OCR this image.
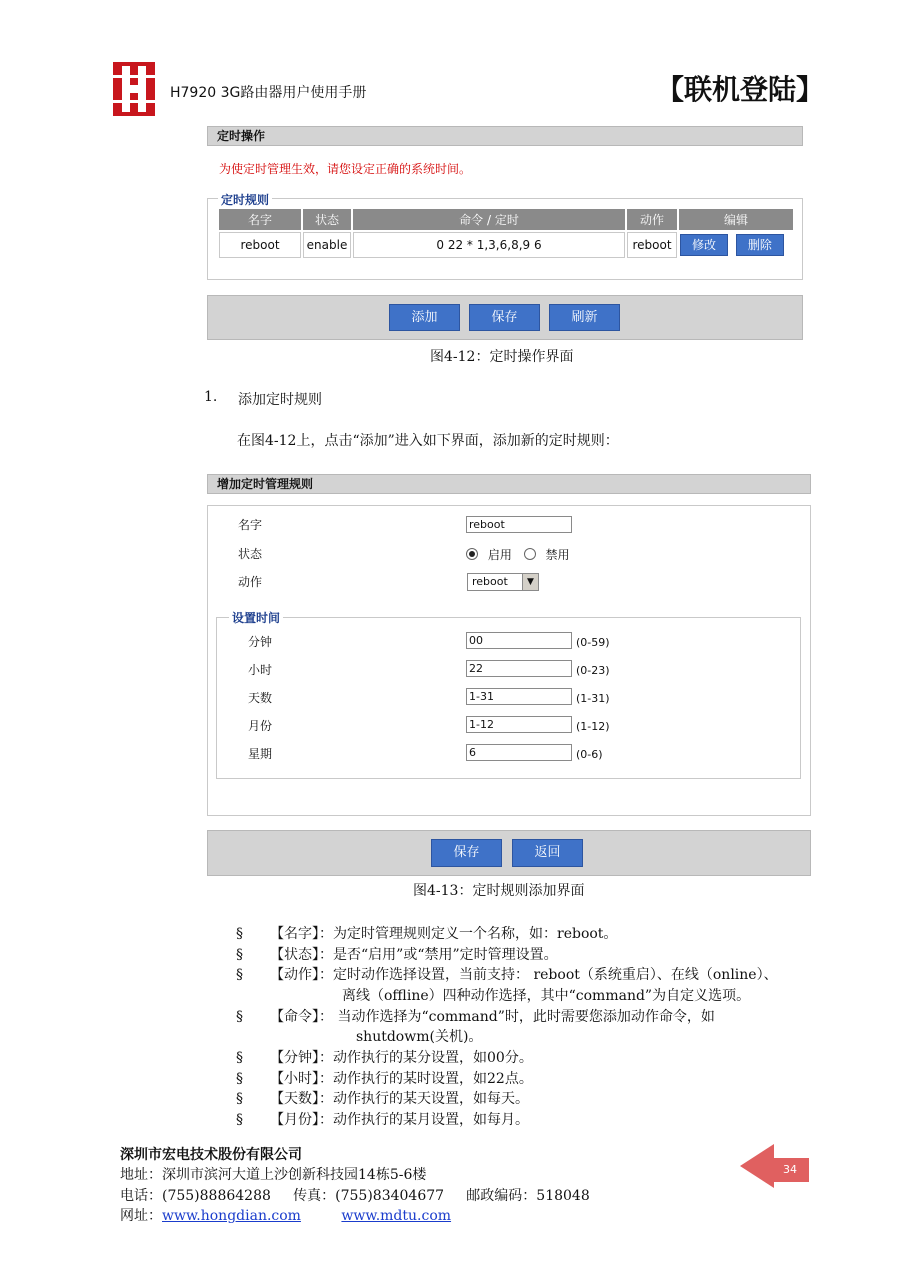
H7920 3G路由器用户使用手册	【联机登陆】
定时操作
为使定时管理生效，请您设定正确的系统时间。
定时规则
名字	状态	命令 / 定时	动作	编辑
reboot	enable	0 22 * 1,3,6,8,9 6	reboot	修改 删除
添加	保存	刷新
图4-12：定时操作界面
1. 添加定时规则
在图4-12上，点击“添加”进入如下界面，添加新的定时规则：
增加定时管理规则
名字	reboot
状态	启用	禁用
动作	reboot	▼
设置时间
分钟	00	(0-59)
小时	22	(0-23)
天数	1-31	(1-31)
月份	1-12	(1-12)
星期	6	(0-6)
保存	返回
图4-13：定时规则添加界面
§ 【名字】：为定时管理规则定义一个名称，如：reboot。
§ 【状态】：是否“启用”或“禁用”定时管理设置。
§ 【动作】：定时动作选择设置，当前支持： reboot（系统重启）、在线（online）、
离线（offline）四种动作选择，其中“command”为自定义选项。
§ 【命令】： 当动作选择为“command”时，此时需要您添加动作命令，如
shutdowm(关机)。
§ 【分钟】：动作执行的某分设置，如00分。
§ 【小时】：动作执行的某时设置，如22点。
§ 【天数】：动作执行的某天设置，如每天。
§ 【月份】：动作执行的某月设置，如每月。
深圳市宏电技术股份有限公司
地址：深圳市滨河大道上沙创新科技园14栋5-6楼
电话：(755)88864288     传真：(755)83404677     邮政编码：518048
网址：www.hongdian.com	www.mdtu.com
34
